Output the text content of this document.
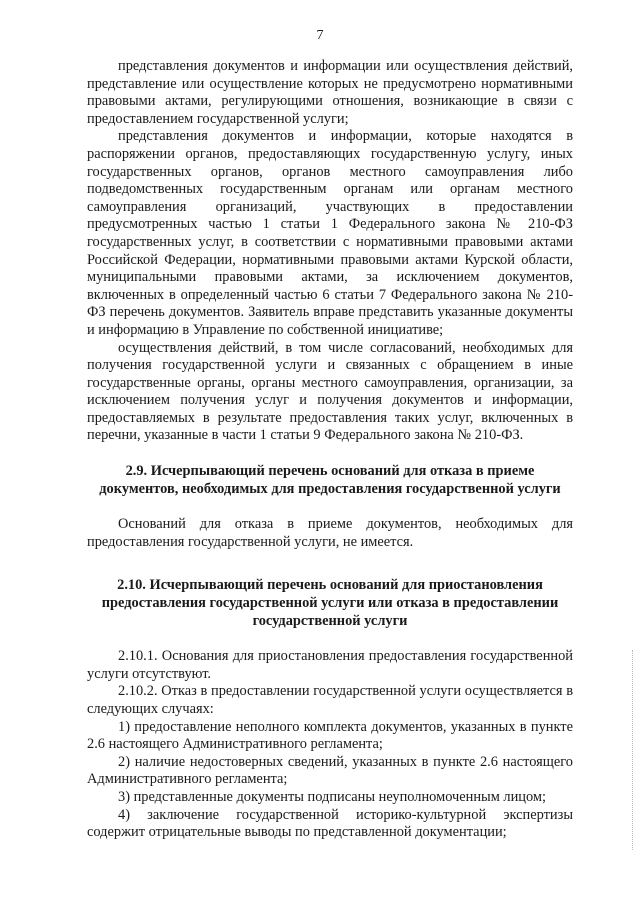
7

представления документов и информации или осуществления действий, представление или осуществление которых не предусмотрено нормативными правовыми актами, регулирующими отношения, возникающие в связи с предоставлением государственной услуги;

представления документов и информации, которые находятся в распоряжении органов, предоставляющих государственную услугу, иных государственных органов, органов местного самоуправления либо подведомственных государственным органам или органам местного самоуправления организаций, участвующих в предоставлении предусмотренных частью 1 статьи 1 Федерального закона № 210-ФЗ государственных услуг, в соответствии с нормативными правовыми актами Российской Федерации, нормативными правовыми актами Курской области, муниципальными правовыми актами, за исключением документов, включенных в определенный частью 6 статьи 7 Федерального закона № 210-ФЗ перечень документов. Заявитель вправе представить указанные документы и информацию в Управление по собственной инициативе;

осуществления действий, в том числе согласований, необходимых для получения государственной услуги и связанных с обращением в иные государственные органы, органы местного самоуправления, организации, за исключением получения услуг и получения документов и информации, предоставляемых в результате предоставления таких услуг, включенных в перечни, указанные в части 1 статьи 9 Федерального закона № 210-ФЗ.

2.9. Исчерпывающий перечень оснований для отказа в приеме документов, необходимых для предоставления государственной услуги

Оснований для отказа в приеме документов, необходимых для предоставления государственной услуги, не имеется.

2.10. Исчерпывающий перечень оснований для приостановления предоставления государственной услуги или отказа в предоставлении государственной услуги

2.10.1. Основания для приостановления предоставления государственной услуги отсутствуют.

2.10.2. Отказ в предоставлении государственной услуги осуществляется в следующих случаях:

1) предоставление неполного комплекта документов, указанных в пункте 2.6 настоящего Административного регламента;

2) наличие недостоверных сведений, указанных в пункте 2.6 настоящего Административного регламента;

3) представленные документы подписаны неуполномоченным лицом;

4) заключение государственной историко-культурной экспертизы содержит отрицательные выводы по представленной документации;
